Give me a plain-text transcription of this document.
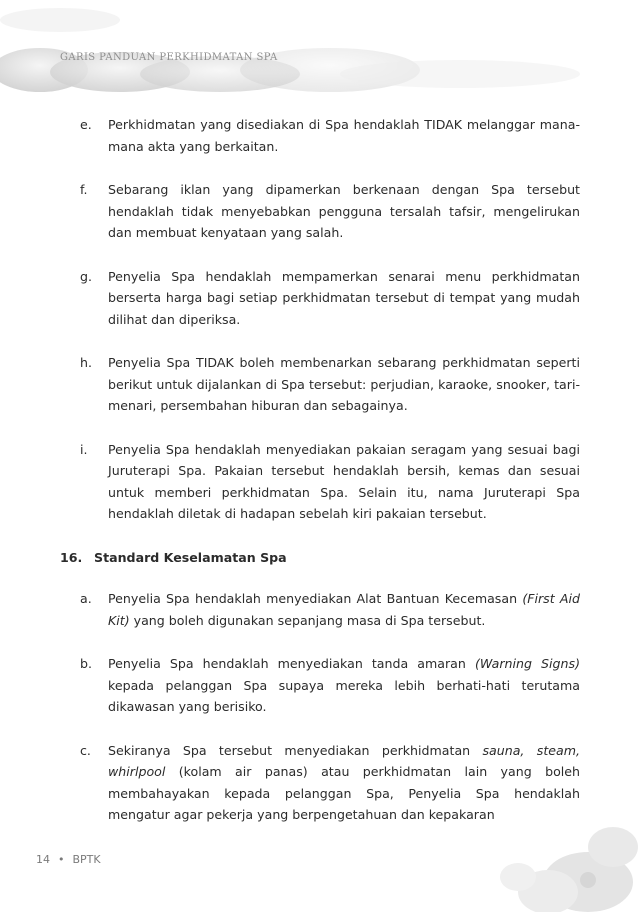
GARIS PANDUAN PERKHIDMATAN SPA
e. Perkhidmatan yang disediakan di Spa hendaklah TIDAK melanggar mana-mana akta yang berkaitan.
f. Sebarang iklan yang dipamerkan berkenaan dengan Spa tersebut hendaklah tidak menyebabkan pengguna tersalah tafsir, mengelirukan dan membuat kenyataan yang salah.
g. Penyelia Spa hendaklah mempamerkan senarai menu perkhidmatan berserta harga bagi setiap perkhidmatan tersebut di tempat yang mudah dilihat dan diperiksa.
h. Penyelia Spa TIDAK boleh membenarkan sebarang perkhidmatan seperti berikut untuk dijalankan di Spa tersebut: perjudian, karaoke, snooker, tari-menari, persembahan hiburan dan sebagainya.
i. Penyelia Spa hendaklah menyediakan pakaian seragam yang sesuai bagi Juruterapi Spa. Pakaian tersebut hendaklah bersih, kemas dan sesuai untuk memberi perkhidmatan Spa. Selain itu, nama Juruterapi Spa hendaklah diletak di hadapan sebelah kiri pakaian tersebut.
16. Standard Keselamatan Spa
a. Penyelia Spa hendaklah menyediakan Alat Bantuan Kecemasan (First Aid Kit) yang boleh digunakan sepanjang masa di Spa tersebut.
b. Penyelia Spa hendaklah menyediakan tanda amaran (Warning Signs) kepada pelanggan Spa supaya mereka lebih berhati-hati terutama dikawasan yang berisiko.
c. Sekiranya Spa tersebut menyediakan perkhidmatan sauna, steam, whirlpool (kolam air panas) atau perkhidmatan lain yang boleh membahayakan kepada pelanggan Spa, Penyelia Spa hendaklah mengatur agar pekerja yang berpengetahuan dan kepakaran
14 • BPTK
